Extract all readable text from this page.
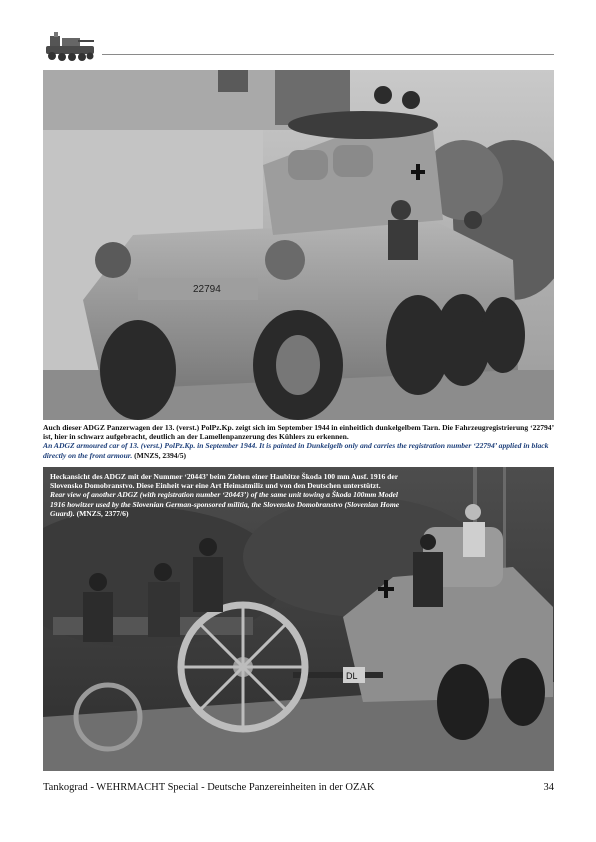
22794
Auch dieser ADGZ Panzerwagen der 13. (verst.) PolPz.Kp. zeigt sich im September 1944 in einheitlich dunkelgelbem Tarn. Die Fahrzeugregistrierung ‘22794’ ist, hier in schwarz aufgebracht, deutlich an der Lamellenpanzerung des Kühlers zu erkennen.
An ADGZ armoured car of 13. (verst.) PolPz.Kp. in September 1944. It is painted in Dunkelgelb only and carries the registration number ‘22794’ applied in black directly on the front armour. (MNZS, 2394/5)
DL
Heckansicht des ADGZ mit der Nummer ‘20443’ beim Ziehen einer Haubitze Škoda 100 mm Ausf. 1916 der Slovensko Domobranstvo. Diese Einheit war eine Art Heimatmiliz und von den Deutschen unterstützt.
Rear view of another ADGZ (with registration number ‘20443’) of the same unit towing a Škoda 100mm Model 1916 howitzer used by the Slovenian German-sponsored militia, the Slovensko Domobranstvo (Slovenian Home Guard). (MNZS, 2377/6)
Tankograd - WEHRMACHT Special - Deutsche Panzereinheiten in der OZAK	34
